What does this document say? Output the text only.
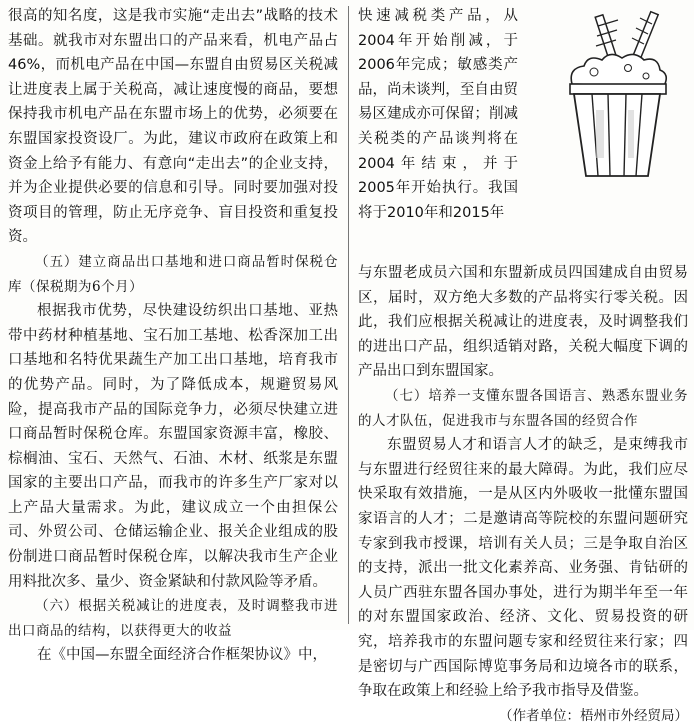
很高的知名度，这是我市实施“走出去”战略的技术基础。就我市对东盟出口的产品来看，机电产品占46%，而机电产品在中国—东盟自由贸易区关税减让进度表上属于关税高，减让速度慢的商品，要想保持我市机电产品在东盟市场上的优势，必须要在东盟国家投资设厂。为此，建议市政府在政策上和资金上给予有能力、有意向“走出去”的企业支持，并为企业提供必要的信息和引导。同时要加强对投资项目的管理，防止无序竞争、盲目投资和重复投资。

（五）建立商品出口基地和进口商品暂时保税仓库（保税期为6个月）

根据我市优势，尽快建设纺织出口基地、亚热带中药材种植基地、宝石加工基地、松香深加工出口基地和名特优果蔬生产加工出口基地，培育我市的优势产品。同时，为了降低成本，规避贸易风险，提高我市产品的国际竞争力，必须尽快建立进口商品暂时保税仓库。东盟国家资源丰富，橡胶、棕榈油、宝石、天然气、石油、木材、纸浆是东盟国家的主要出口产品，而我市的许多生产厂家对以上产品大量需求。为此，建议成立一个由担保公司、外贸公司、仓储运输企业、报关企业组成的股份制进口商品暂时保税仓库，以解决我市生产企业用料批次多、量少、资金紧缺和付款风险等矛盾。

（六）根据关税减让的进度表，及时调整我市进出口商品的结构，以获得更大的收益

在《中国—东盟全面经济合作框架协议》中，

快速减税类产品，从2004年开始削减，于2006年完成；敏感类产品，尚未谈判，至自由贸易区建成亦可保留；削减关税类的产品谈判将在2004年结束，并于2005年开始执行。我国将于2010年和2015年

与东盟老成员六国和东盟新成员四国建成自由贸易区，届时，双方绝大多数的产品将实行零关税。因此，我们应根据关税减让的进度表，及时调整我们的进出口产品，组织适销对路，关税大幅度下调的产品出口到东盟国家。

（七）培养一支懂东盟各国语言、熟悉东盟业务的人才队伍，促进我市与东盟各国的经贸合作

东盟贸易人才和语言人才的缺乏，是束缚我市与东盟进行经贸往来的最大障碍。为此，我们应尽快采取有效措施，一是从区内外吸收一批懂东盟国家语言的人才；二是邀请高等院校的东盟问题研究专家到我市授课，培训有关人员；三是争取自治区的支持，派出一批文化素养高、业务强、肯钻研的人员广西驻东盟各国办事处，进行为期半年至一年的对东盟国家政治、经济、文化、贸易投资的研究，培养我市的东盟问题专家和经贸往来行家；四是密切与广西国际博览事务局和边境各市的联系，争取在政策上和经验上给予我市指导及借鉴。

（作者单位：梧州市外经贸局）
